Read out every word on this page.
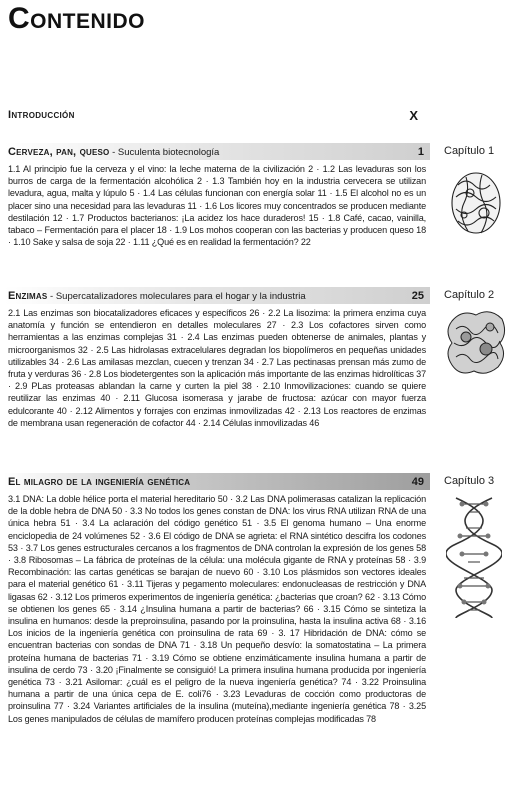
Contenido
Introducción	X
Cerveza, pan, queso - Suculenta biotecnología	1
1.1 Al principio fue la cerveza y el vino: la leche materna de la civilización 2 · 1.2 Las levaduras son los burros de carga de la fermentación alcohólica 2 · 1.3 También hoy en la industria cervecera se utilizan levadura, agua, malta y lúpulo 5 · 1.4 Las células funcionan con energía solar 11 · 1.5 El alcohol no es un placer sino una necesidad para las levaduras 11 · 1.6 Los licores muy concentrados se producen mediante destilación 12 · 1.7 Productos bacterianos: ¡La acidez los hace duraderos! 15 · 1.8 Café, cacao, vainilla, tabaco – Fermentación para el placer 18 · 1.9 Los mohos cooperan con las bacterias y producen queso 18 · 1.10 Sake y salsa de soja 22 · 1.11 ¿Qué es en realidad la fermentación? 22
Capítulo 1
Enzimas - Supercatalizadores moleculares para el hogar y la industria	25
2.1 Las enzimas son biocatalizadores eficaces y específicos 26 · 2.2 La lisozima: la primera enzima cuya anatomía y función se entendieron en detalles moleculares 27 · 2.3 Los cofactores sirven como herramientas a las enzimas complejas 31 · 2.4 Las enzimas pueden obtenerse de animales, plantas y microorganismos 32 · 2.5 Las hidrolasas extracelulares degradan los biopolímeros en pequeñas unidades utilizables 34 · 2.6 Las amilasas mezclan, cuecen y trenzan 34 · 2.7 Las pectinasas prensan más zumo de fruta y verduras 36 · 2.8 Los biodetergentes son la aplicación más importante de las enzimas hidrolíticas 37 · 2.9 PLas proteasas ablandan la carne y curten la piel 38 · 2.10 Inmovilizaciones: cuando se quiere reutilizar las enzimas 40 · 2.11 Glucosa isomerasa y jarabe de fructosa: azúcar con mayor fuerza edulcorante 40 · 2.12 Alimentos y forrajes con enzimas inmovilizadas 42 · 2.13 Los reactores de enzimas de membrana usan regeneración de cofactor 44 · 2.14 Células inmovilizadas 46
Capítulo 2
El milagro de la ingeniería genética	49
3.1 DNA: La doble hélice porta el material hereditario 50 · 3.2 Las DNA polimerasas catalizan la replicación de la doble hebra de DNA 50 · 3.3 No todos los genes constan de DNA: los virus RNA utilizan RNA de una única hebra 51 · 3.4 La aclaración del código genético 51 · 3.5 El genoma humano – Una enorme enciclopedia de 24 volúmenes 52 · 3.6 El código de DNA se agrieta: el RNA sintético descifra los codones 53 · 3.7 Los genes estructurales cercanos a los fragmentos de DNA controlan la expresión de los genes 58 · 3.8 Ribosomas – La fábrica de proteínas de la célula: una molécula gigante de RNA y proteínas 58 · 3.9 Recombinación: las cartas genéticas se barajan de nuevo 60 · 3.10 Los plásmidos son vectores ideales para el material genético 61 · 3.11 Tijeras y pegamento moleculares: endonucleasas de restricción y DNA ligasas 62 · 3.12 Los primeros experimentos de ingeniería genética: ¿bacterias que croan? 62 · 3.13 Cómo se obtienen los genes 65 · 3.14 ¿Insulina humana a partir de bacterias? 66 · 3.15 Cómo se sintetiza la insulina en humanos: desde la preproinsulina, pasando por la proinsulina, hasta la insulina activa 68 · 3.16 Los inicios de la ingeniería genética con proinsulina de rata 69 · 3. 17 Hibridación de DNA: cómo se encuentran bacterias con sondas de DNA 71 · 3.18 Un pequeño desvío: la somatostatina – La primera proteína humana de bacterias 71 · 3.19 Cómo se obtiene enzimáticamente insulina humana a partir de insulina de cerdo 73 · 3.20 ¡Finalmente se consiguió! La primera insulina humana producida por ingeniería genética 73 · 3.21 Asilomar: ¿cuál es el peligro de la nueva ingeniería genética? 74 · 3.22 Proinsulina humana a partir de una única cepa de E. coli76 · 3.23 Levaduras de cocción como productoras de proinsulina 77 · 3.24 Variantes artificiales de la insulina (muteína),mediante ingeniería genética 78 · 3.25 Los genes manipulados de células de mamífero producen proteínas complejas modificadas 78
Capítulo 3
